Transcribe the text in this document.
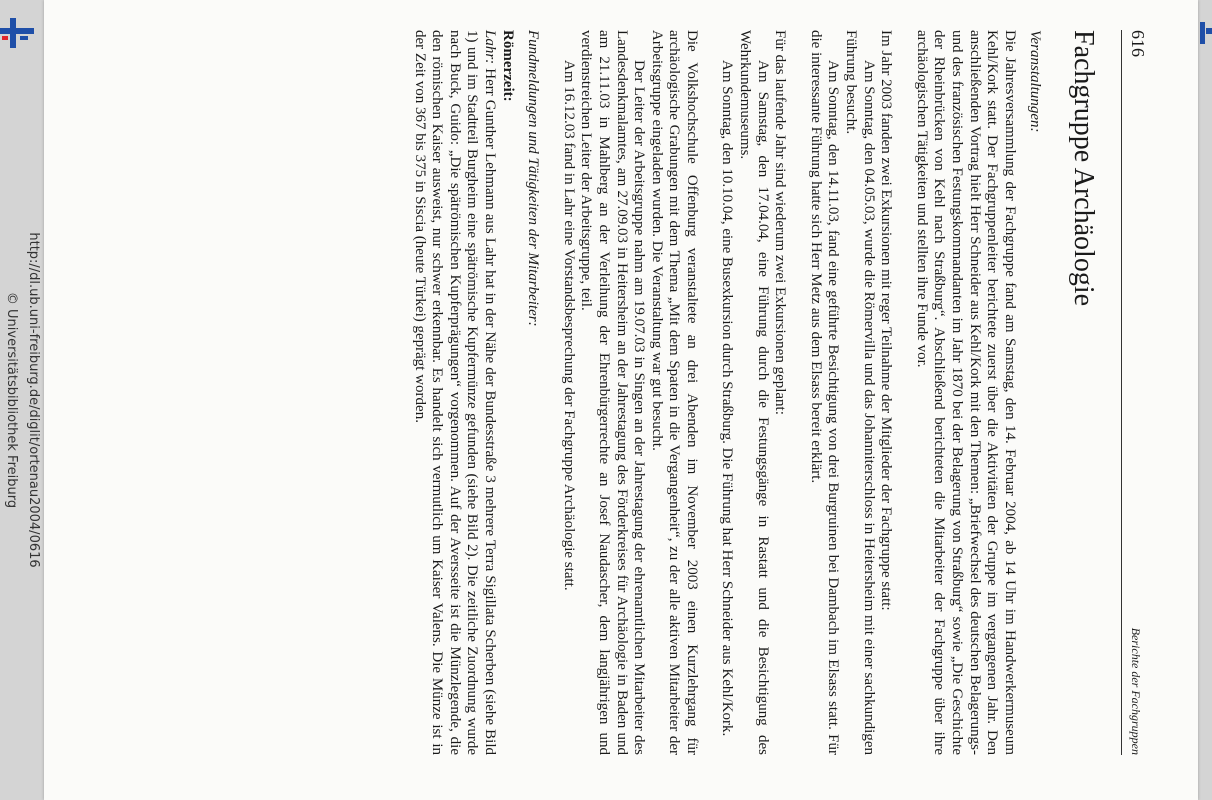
http://dl.ub.uni-freiburg.de/diglit/ortenau2004/0616
© Universitätsbibliothek Freiburg
616
Berichte der Fachgruppen
Fachgruppe Archäologie
Veranstaltungen:

Die Jahresversammlung der Fachgruppe fand am Samstag, den 14. Februar 2004, ab 14 Uhr im Handwerkermuseum Kehl/Kork statt. Der Fachgruppenleiter berichtete zuerst über die Aktivitäten der Gruppe im vergangenen Jahr. Den anschließenden Vortrag hielt Herr Schneider aus Kehl/Kork mit den Themen: „Briefwechsel des deutschen Belagerungs- und des französischen Festungskommandanten im Jahr 1870 bei der Belagerung von Straßburg“ sowie „Die Geschichte der Rheinbrücken von Kehl nach Straßburg“. Abschließend berichteten die Mitarbeiter der Fachgruppe über ihre archäologischen Tätigkeiten und stellten ihre Funde vor.

Im Jahr 2003 fanden zwei Exkursionen mit reger Teilnahme der Mitglieder der Fachgruppe statt:

Am Sonntag, den 04.05.03, wurde die Römervilla und das Johanniterschloss in Heitersheim mit einer sachkundigen Führung besucht.

Am Sonntag, den 14.11.03, fand eine geführte Besichtigung von drei Burgruinen bei Dambach im Elsass statt. Für die interessante Führung hatte sich Herr Metz aus dem Elsass bereit erklärt.

Für das laufende Jahr sind wiederum zwei Exkursionen geplant:

Am Samstag, den 17.04.04, eine Führung durch die Festungsgänge in Rastatt und die Besichtigung des Wehrkundemuseums.

Am Sonntag, den 10.10.04, eine Busexkursion durch Straßburg. Die Führung hat Herr Schneider aus Kehl/Kork.

Die Volkshochschule Offenburg veranstaltete an drei Abenden im November 2003 einen Kurzlehrgang für archäologische Grabungen mit dem Thema „Mit dem Spaten in die Vergangenheit“, zu der alle aktiven Mitarbeiter der Arbeitsgruppe eingeladen wurden. Die Veranstaltung war gut besucht.

Der Leiter der Arbeitsgruppe nahm am 19.07.03 in Singen an der Jahrestagung der ehrenamtlichen Mitarbeiter des Landesdenkmalamtes, am 27.09.03 in Heitersheim an der Jahrestagung des Förderkreises für Archäologie in Baden und am 21.11.03 in Mahlberg an der Verleihung der Ehrenbürgerrechte an Josef Naudascher, dem langjährigen und verdienstreichen Leiter der Arbeitsgruppe, teil.

Am 16.12.03 fand in Lahr eine Vorstandsbesprechung der Fachgruppe Archäologie statt.

Fundmeldungen und Tätigkeiten der Mitarbeiter:
Römerzeit:

Lahr: Herr Gunther Lehmann aus Lahr hat in der Nähe der Bundesstraße 3 mehrere Terra Sigillata Scherben (siehe Bild 1) und im Stadtteil Burgheim eine spätrömische Kupfermünze gefunden (siehe Bild 2). Die zeitliche Zuordnung wurde nach Buck, Guido: „Die spätrömischen Kupferprägungen“ vorgenommen. Auf der Aversseite ist die Münzlegende, die den römischen Kaiser ausweist, nur schwer erkennbar. Es handelt sich vermutlich um Kaiser Valens. Die Münze ist in der Zeit von 367 bis 375 in Siscia (heute Türkei) geprägt worden.
